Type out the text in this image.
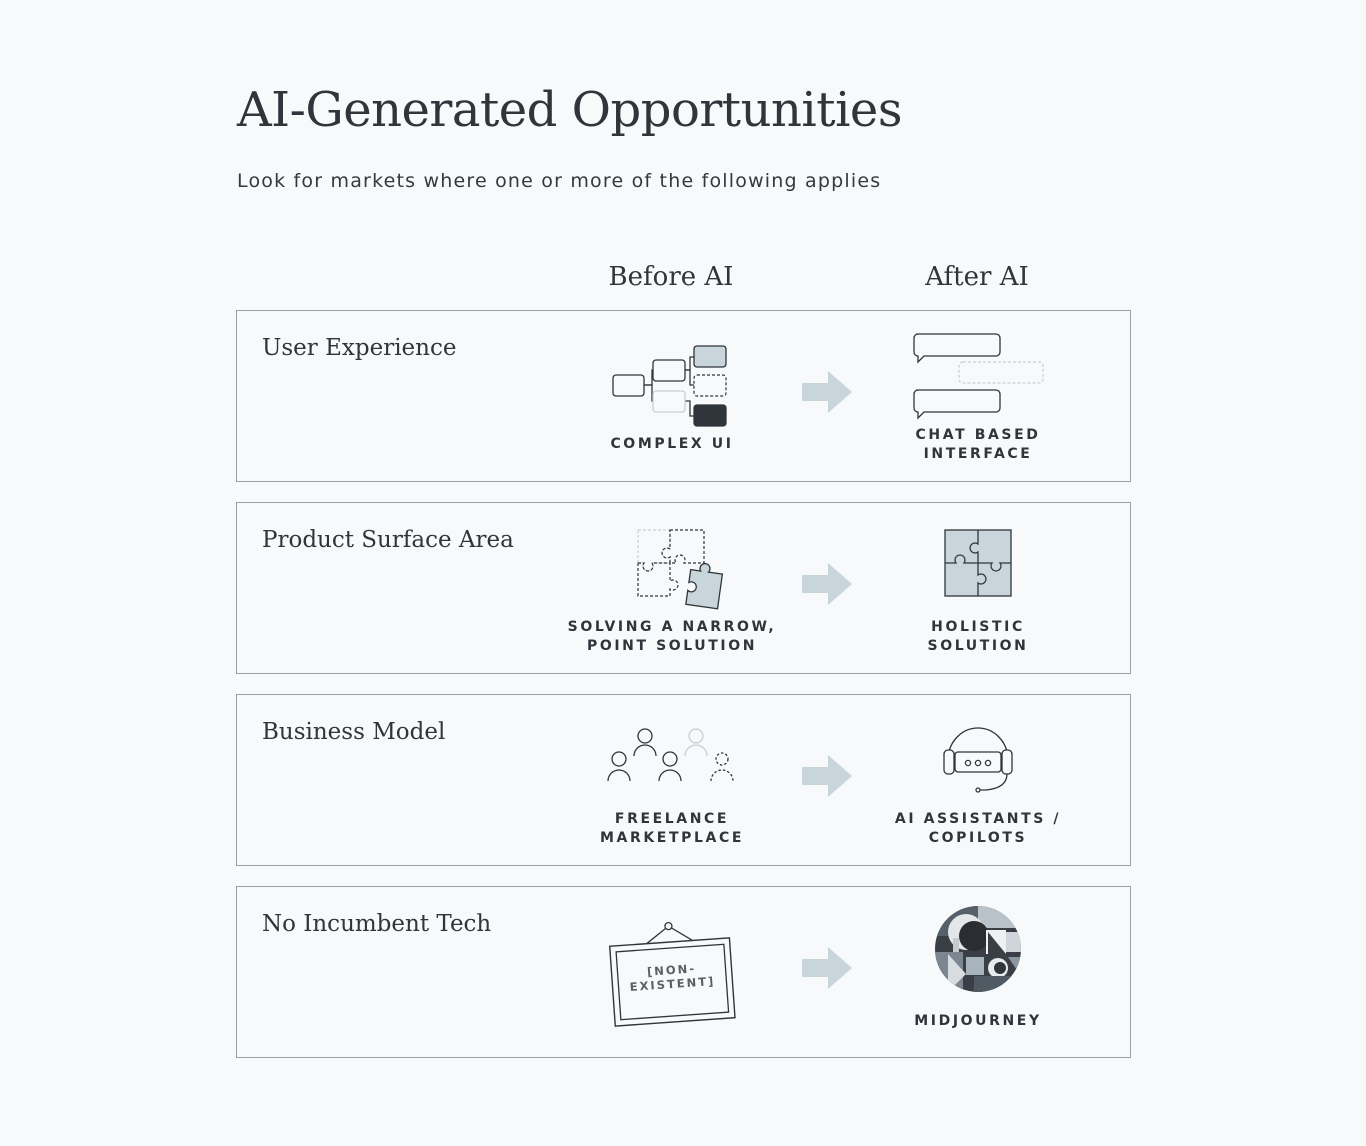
AI-Generated Opportunities

Look for markets where one or more of the following applies

Before AI	After AI
User Experience
COMPLEX UI
CHAT BASED
INTERFACE
Product Surface Area
SOLVING A NARROW,
POINT SOLUTION
HOLISTIC
SOLUTION
Business Model
FREELANCE
MARKETPLACE
AI ASSISTANTS /
COPILOTS
No Incumbent Tech
[NON-
EXISTENT]
MIDJOURNEY
